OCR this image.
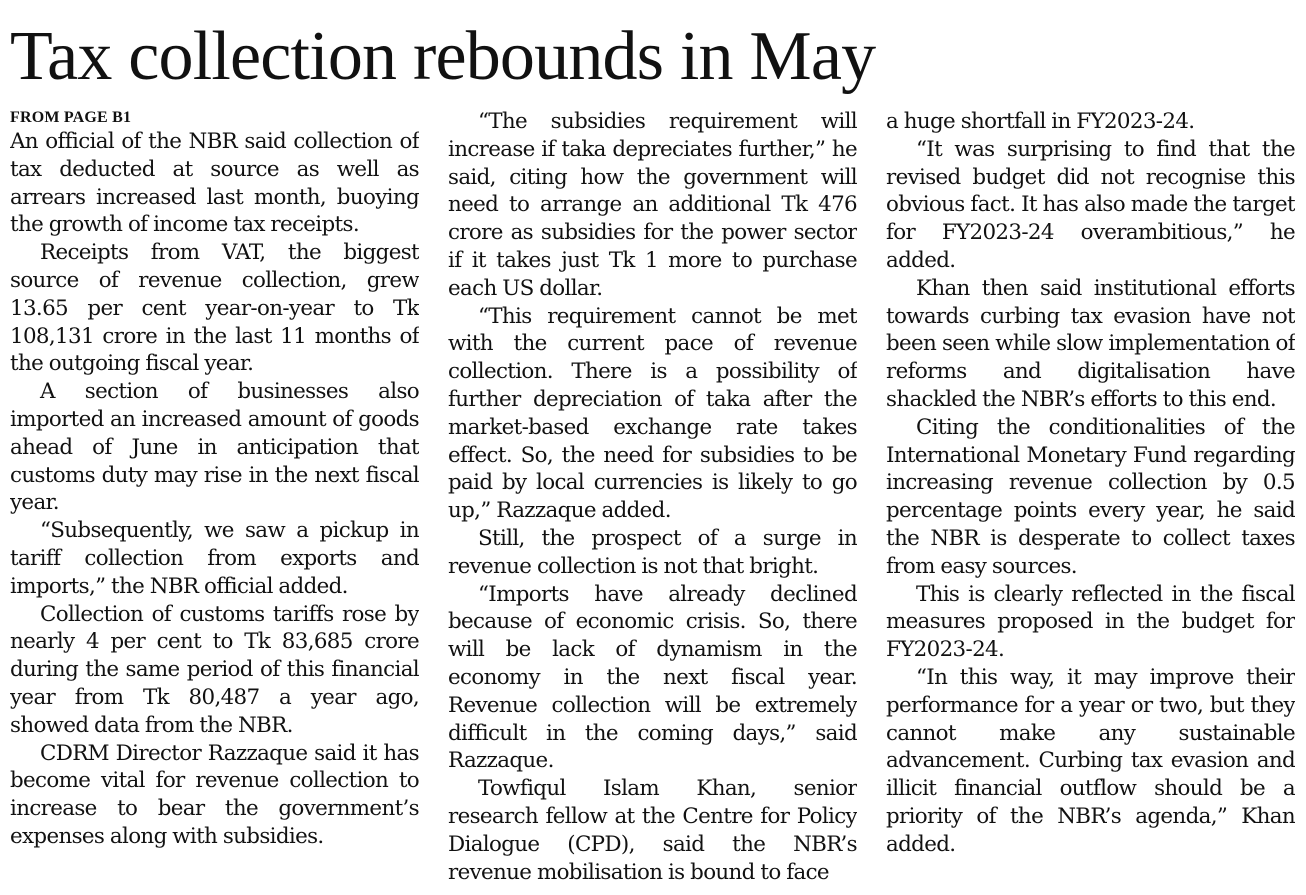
Tax collection rebounds in May
FROM PAGE B1

An official of the NBR said collection of tax deducted at source as well as arrears increased last month, buoying the growth of income tax receipts.

Receipts from VAT, the biggest source of revenue collection, grew 13.65 per cent year-on-year to Tk 108,131 crore in the last 11 months of the outgoing fiscal year.

A section of businesses also imported an increased amount of goods ahead of June in anticipation that customs duty may rise in the next fiscal year.

“Subsequently, we saw a pickup in tariff collection from exports and imports,” the NBR official added.

Collection of customs tariffs rose by nearly 4 per cent to Tk 83,685 crore during the same period of this financial year from Tk 80,487 a year ago, showed data from the NBR.

CDRM Director Razzaque said it has become vital for revenue collection to increase to bear the government’s expenses along with subsidies.

“The subsidies requirement will increase if taka depreciates further,” he said, citing how the government will need to arrange an additional Tk 476 crore as subsidies for the power sector if it takes just Tk 1 more to purchase each US dollar.

“This requirement cannot be met with the current pace of revenue collection. There is a possibility of further depreciation of taka after the market-based exchange rate takes effect. So, the need for subsidies to be paid by local currencies is likely to go up,” Razzaque added.

Still, the prospect of a surge in revenue collection is not that bright.

“Imports have already declined because of economic crisis. So, there will be lack of dynamism in the economy in the next fiscal year. Revenue collection will be extremely difficult in the coming days,” said Razzaque.

Towfiqul Islam Khan, senior research fellow at the Centre for Policy Dialogue (CPD), said the NBR’s revenue mobilisation is bound to face

a huge shortfall in FY2023-24.

“It was surprising to find that the revised budget did not recognise this obvious fact. It has also made the target for FY2023-24 overambitious,” he added.

Khan then said institutional efforts towards curbing tax evasion have not been seen while slow implementation of reforms and digitalisation have shackled the NBR’s efforts to this end.

Citing the conditionalities of the International Monetary Fund regarding increasing revenue collection by 0.5 percentage points every year, he said the NBR is desperate to collect taxes from easy sources.

This is clearly reflected in the fiscal measures proposed in the budget for FY2023-24.

“In this way, it may improve their performance for a year or two, but they cannot make any sustainable advancement. Curbing tax evasion and illicit financial outflow should be a priority of the NBR’s agenda,” Khan added.
